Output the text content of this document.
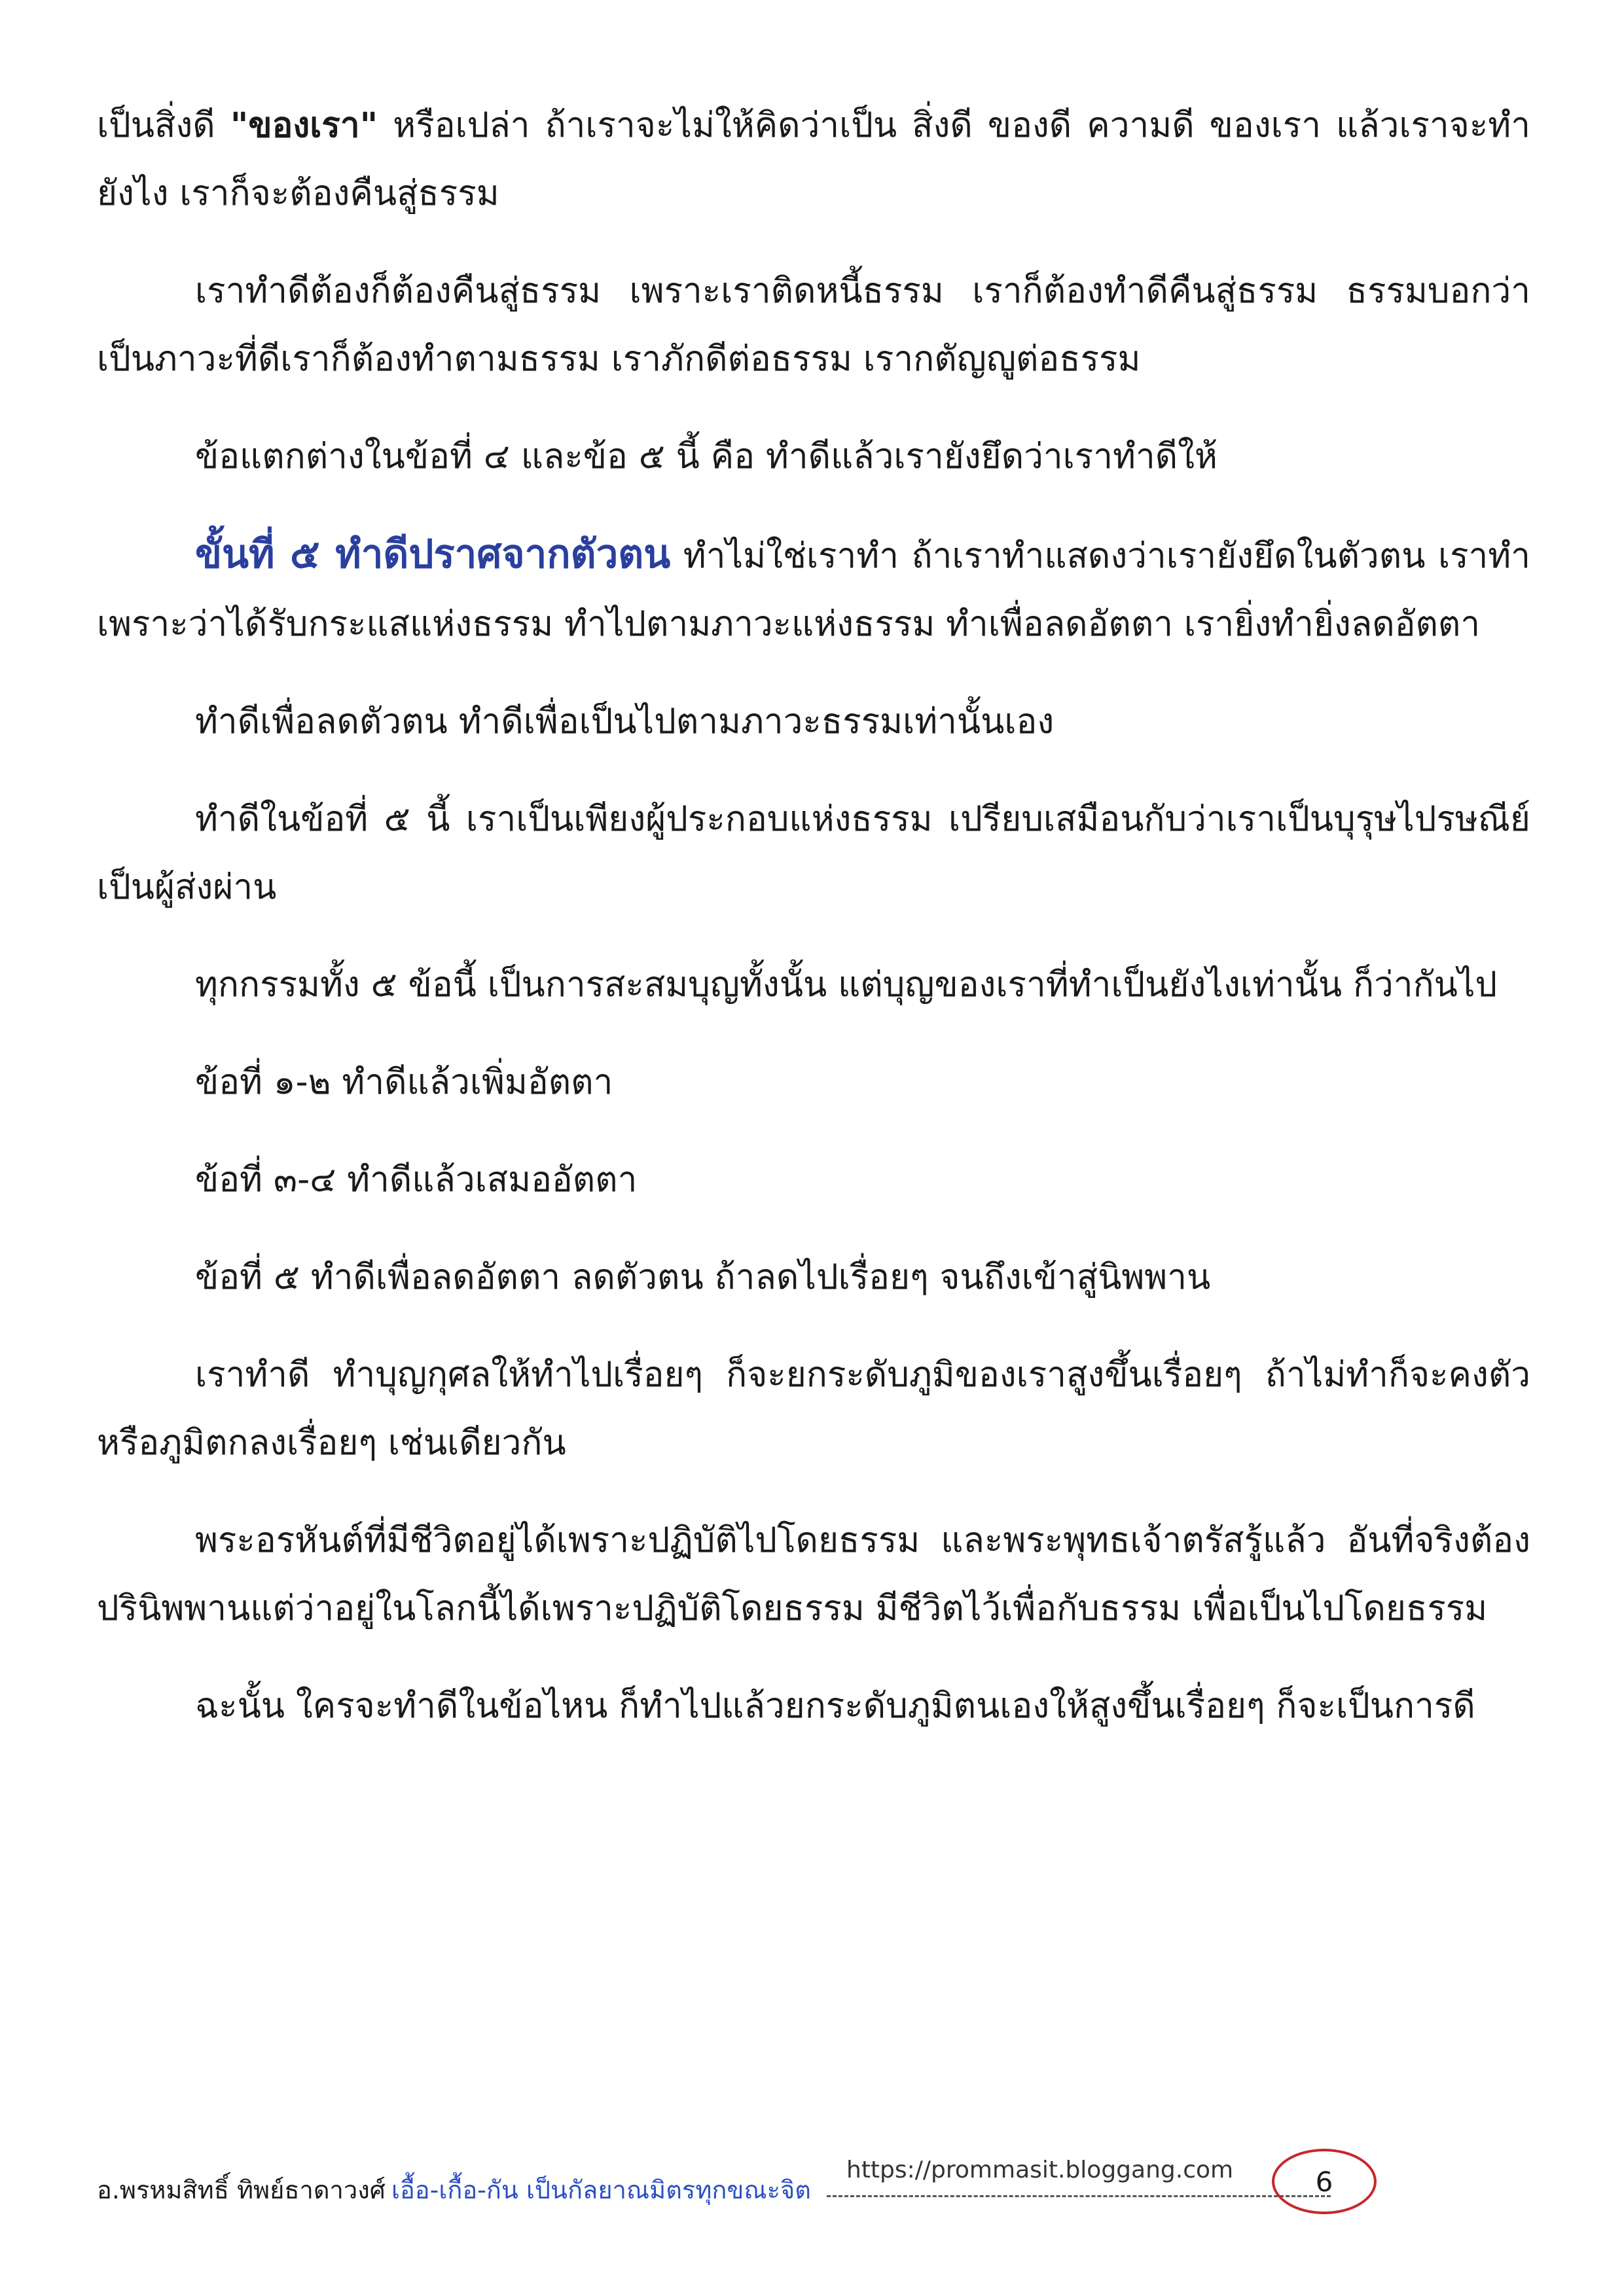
เป็นสิ่งดี "ของเรา" หรือเปล่า ถ้าเราจะไม่ให้คิดว่าเป็น สิ่งดี ของดี ความดี ของเรา แล้วเราจะทำยังไง เราก็จะต้องคืนสู่ธรรม

เราทำดีต้องก็ต้องคืนสู่ธรรม เพราะเราติดหนี้ธรรม เราก็ต้องทำดีคืนสู่ธรรม ธรรมบอกว่าเป็นภาวะที่ดีเราก็ต้องทำตามธรรม เราภักดีต่อธรรม เรากตัญญูต่อธรรม

ข้อแตกต่างในข้อที่ ๔ และข้อ ๕ นี้ คือ ทำดีแล้วเรายังยึดว่าเราทำดีให้

ขั้นที่ ๕ ทำดีปราศจากตัวตน ทำไม่ใช่เราทำ ถ้าเราทำแสดงว่าเรายังยึดในตัวตน เราทำเพราะว่าได้รับกระแสแห่งธรรม ทำไปตามภาวะแห่งธรรม ทำเพื่อลดอัตตา เรายิ่งทำยิ่งลดอัตตา

ทำดีเพื่อลดตัวตน ทำดีเพื่อเป็นไปตามภาวะธรรมเท่านั้นเอง

ทำดีในข้อที่ ๕ นี้ เราเป็นเพียงผู้ประกอบแห่งธรรม เปรียบเสมือนกับว่าเราเป็นบุรุษไปรษณีย์ เป็นผู้ส่งผ่าน

ทุกกรรมทั้ง ๕ ข้อนี้ เป็นการสะสมบุญทั้งนั้น แต่บุญของเราที่ทำเป็นยังไงเท่านั้น ก็ว่ากันไป

ข้อที่ ๑-๒ ทำดีแล้วเพิ่มอัตตา

ข้อที่ ๓-๔ ทำดีแล้วเสมออัตตา

ข้อที่ ๕ ทำดีเพื่อลดอัตตา ลดตัวตน ถ้าลดไปเรื่อยๆ จนถึงเข้าสู่นิพพาน

เราทำดี ทำบุญกุศลให้ทำไปเรื่อยๆ ก็จะยกระดับภูมิของเราสูงขึ้นเรื่อยๆ ถ้าไม่ทำก็จะคงตัวหรือภูมิตกลงเรื่อยๆ เช่นเดียวกัน

พระอรหันต์ที่มีชีวิตอยู่ได้เพราะปฏิบัติไปโดยธรรม และพระพุทธเจ้าตรัสรู้แล้ว อันที่จริงต้องปรินิพพานแต่ว่าอยู่ในโลกนี้ได้เพราะปฏิบัติโดยธรรม มีชีวิตไว้เพื่อกับธรรม เพื่อเป็นไปโดยธรรม

ฉะนั้น ใครจะทำดีในข้อไหน ก็ทำไปแล้วยกระดับภูมิตนเองให้สูงขึ้นเรื่อยๆ ก็จะเป็นการดี

อ.พรหมสิทธิ์ ทิพย์ธาดาวงศ์ เอื้อ-เกื้อ-กัน เป็นกัลยาณมิตรทุกขณะจิต
https://prommasit.bloggang.com	6
